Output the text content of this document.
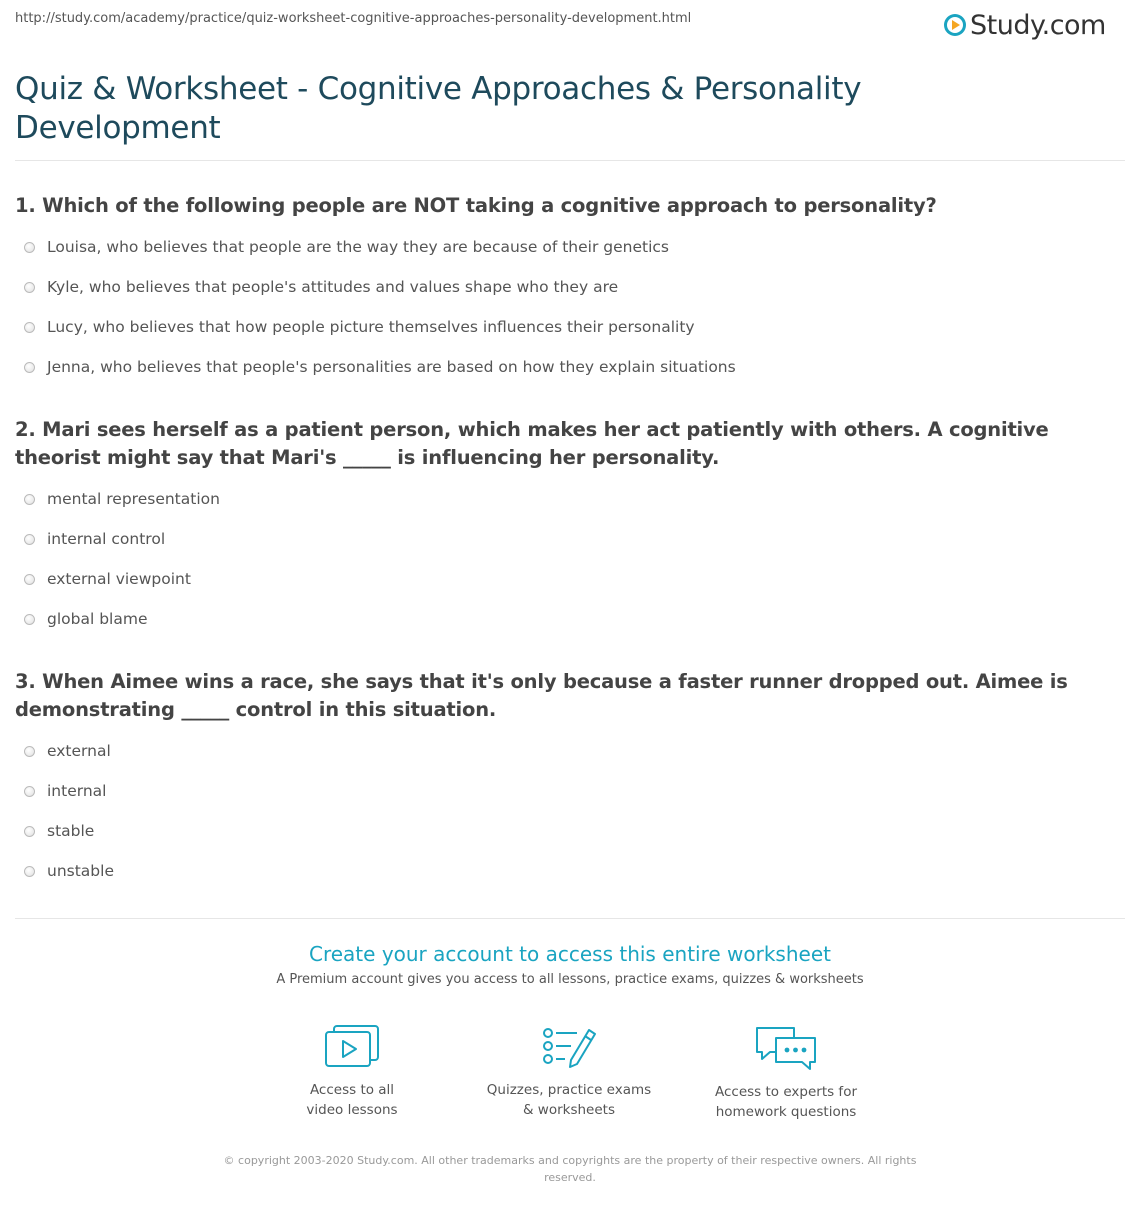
http://study.com/academy/practice/quiz-worksheet-cognitive-approaches-personality-development.html	Study.com
Quiz & Worksheet - Cognitive Approaches & Personality Development
1. Which of the following people are NOT taking a cognitive approach to personality?
Louisa, who believes that people are the way they are because of their genetics
Kyle, who believes that people's attitudes and values shape who they are
Lucy, who believes that how people picture themselves influences their personality
Jenna, who believes that people's personalities are based on how they explain situations
2. Mari sees herself as a patient person, which makes her act patiently with others. A cognitive theorist might say that Mari's _____ is influencing her personality.
mental representation
internal control
external viewpoint
global blame
3. When Aimee wins a race, she says that it's only because a faster runner dropped out. Aimee is demonstrating _____ control in this situation.
external
internal
stable
unstable
Create your account to access this entire worksheet
A Premium account gives you access to all lessons, practice exams, quizzes & worksheets
Access to all
video lessons
Quizzes, practice exams
& worksheets
Access to experts for
homework questions
© copyright 2003-2020 Study.com. All other trademarks and copyrights are the property of their respective owners. All rights reserved.
